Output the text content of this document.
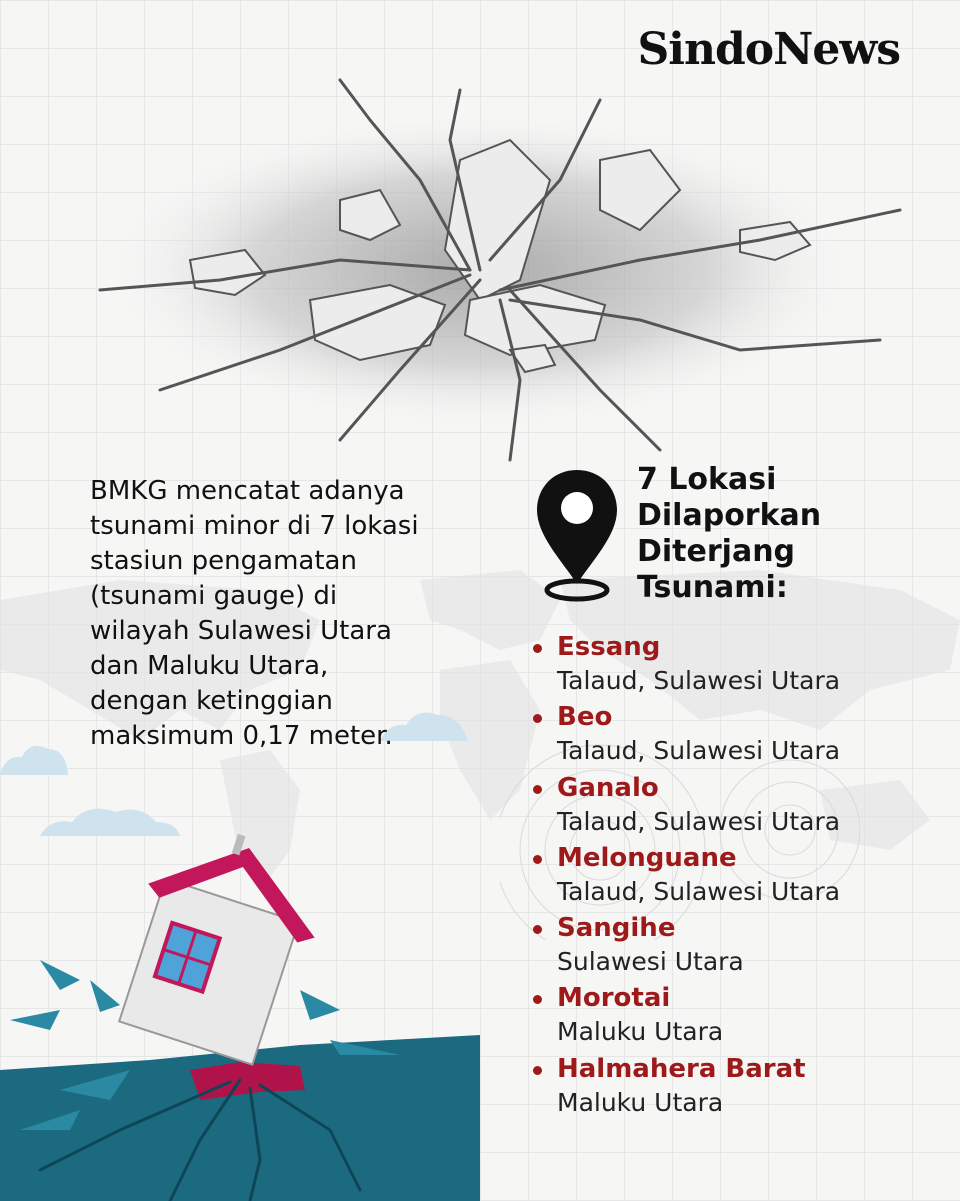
SindoNews

BMKG mencatat adanya tsunami minor di 7 lokasi stasiun pengamatan (tsunami gauge) di wilayah Sulawesi Utara dan Maluku Utara, dengan ketinggian maksimum 0,17 meter.

7 Lokasi
Dilaporkan
Diterjang
Tsunami:
Essang
Talaud, Sulawesi Utara
Beo
Talaud, Sulawesi Utara
Ganalo
Talaud, Sulawesi Utara
Melonguane
Talaud, Sulawesi Utara
Sangihe
Sulawesi Utara
Morotai
Maluku Utara
Halmahera Barat
Maluku Utara
